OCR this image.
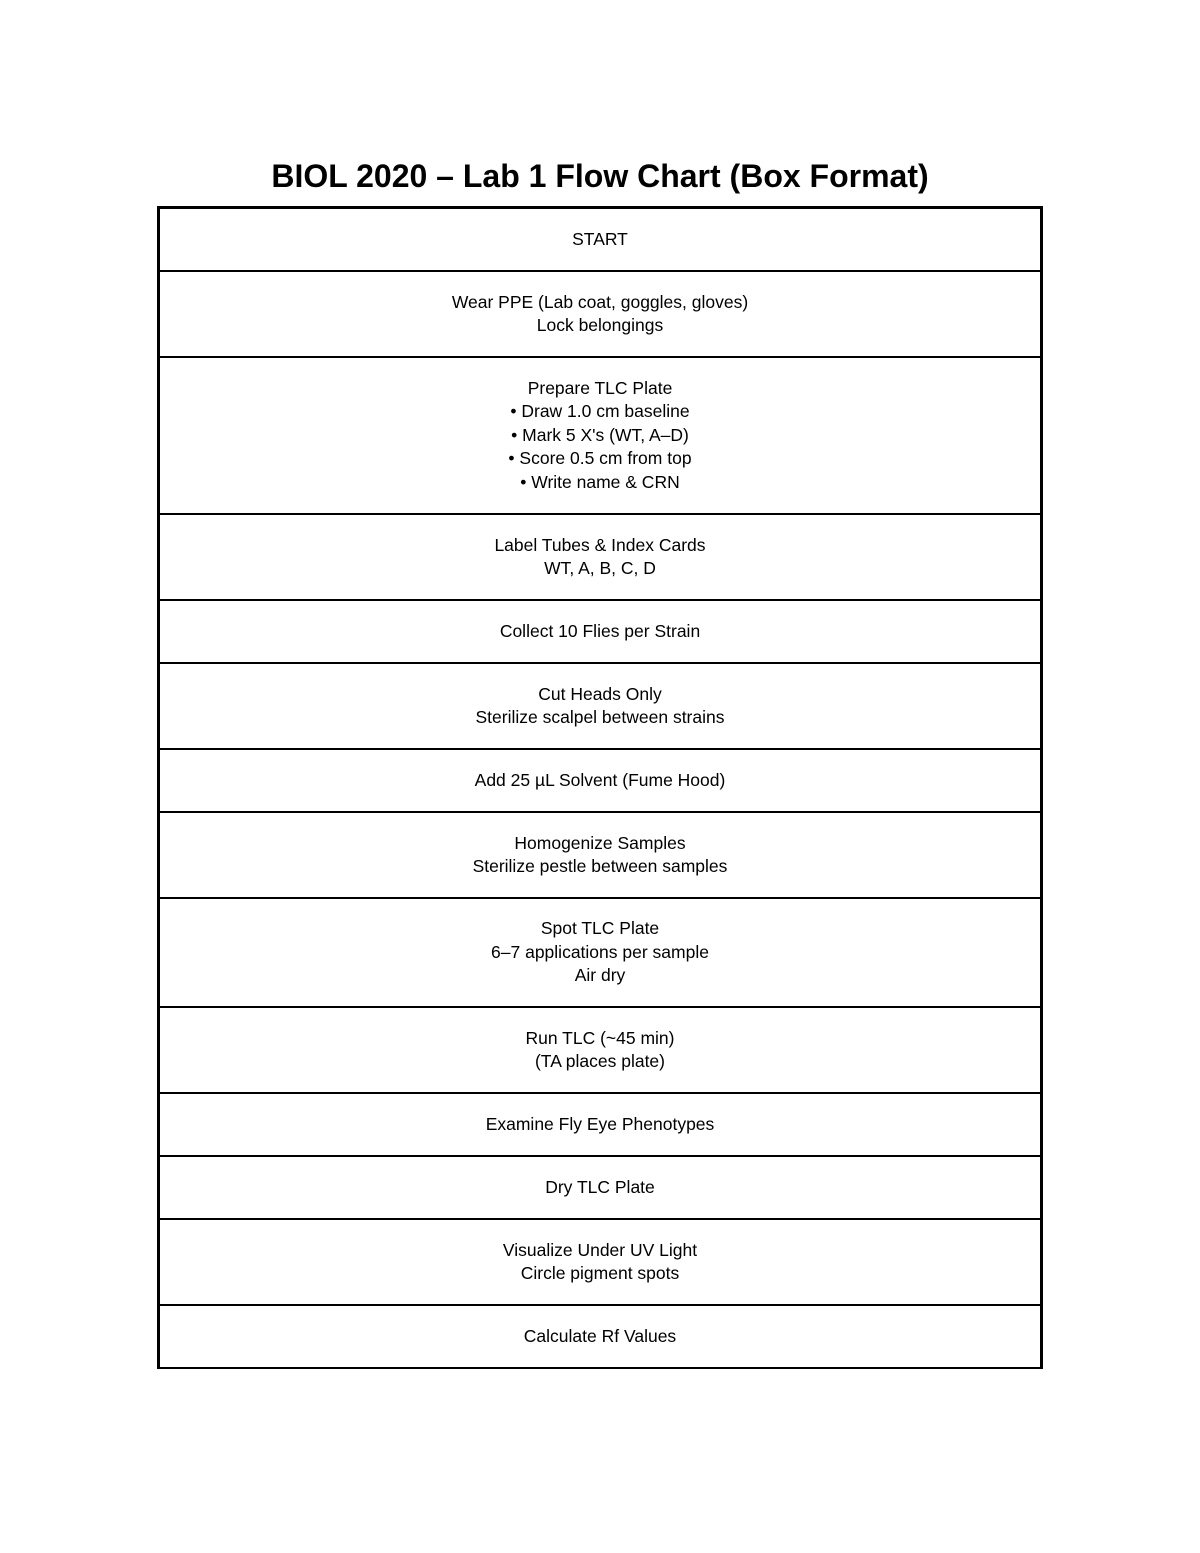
BIOL 2020 – Lab 1 Flow Chart (Box Format)
START
Wear PPE (Lab coat, goggles, gloves)
Lock belongings
Prepare TLC Plate
• Draw 1.0 cm baseline
• Mark 5 X's (WT, A–D)
• Score 0.5 cm from top
• Write name & CRN
Label Tubes & Index Cards
WT, A, B, C, D
Collect 10 Flies per Strain
Cut Heads Only
Sterilize scalpel between strains
Add 25 µL Solvent (Fume Hood)
Homogenize Samples
Sterilize pestle between samples
Spot TLC Plate
6–7 applications per sample
Air dry
Run TLC (~45 min)
(TA places plate)
Examine Fly Eye Phenotypes
Dry TLC Plate
Visualize Under UV Light
Circle pigment spots
Calculate Rf Values
